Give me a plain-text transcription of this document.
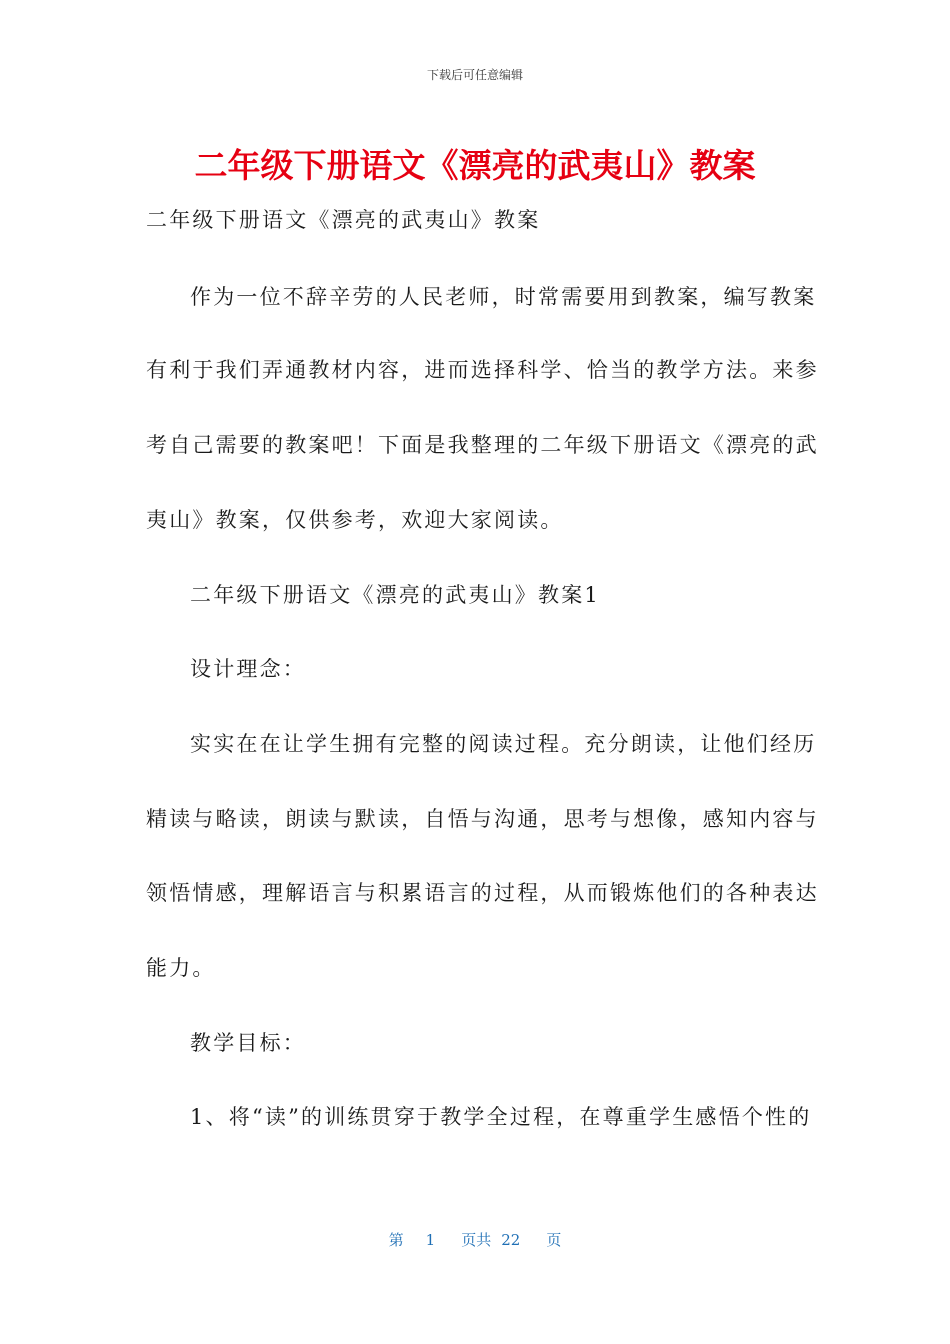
下载后可任意编辑
二年级下册语文《漂亮的武夷山》教案
二年级下册语文《漂亮的武夷山》教案
作为一位不辞辛劳的人民老师，时常需要用到教案，编写教案
有利于我们弄通教材内容，进而选择科学、恰当的教学方法。来参
考自己需要的教案吧！下面是我整理的二年级下册语文《漂亮的武
夷山》教案，仅供参考，欢迎大家阅读。
二年级下册语文《漂亮的武夷山》教案1
设计理念：
实实在在让学生拥有完整的阅读过程。充分朗读，让他们经历
精读与略读，朗读与默读，自悟与沟通，思考与想像，感知内容与
领悟情感，理解语言与积累语言的过程，从而锻炼他们的各种表达
能力。
教学目标：
1、将“读”的训练贯穿于教学全过程，在尊重学生感悟个性的
第 1 页共 22 页
